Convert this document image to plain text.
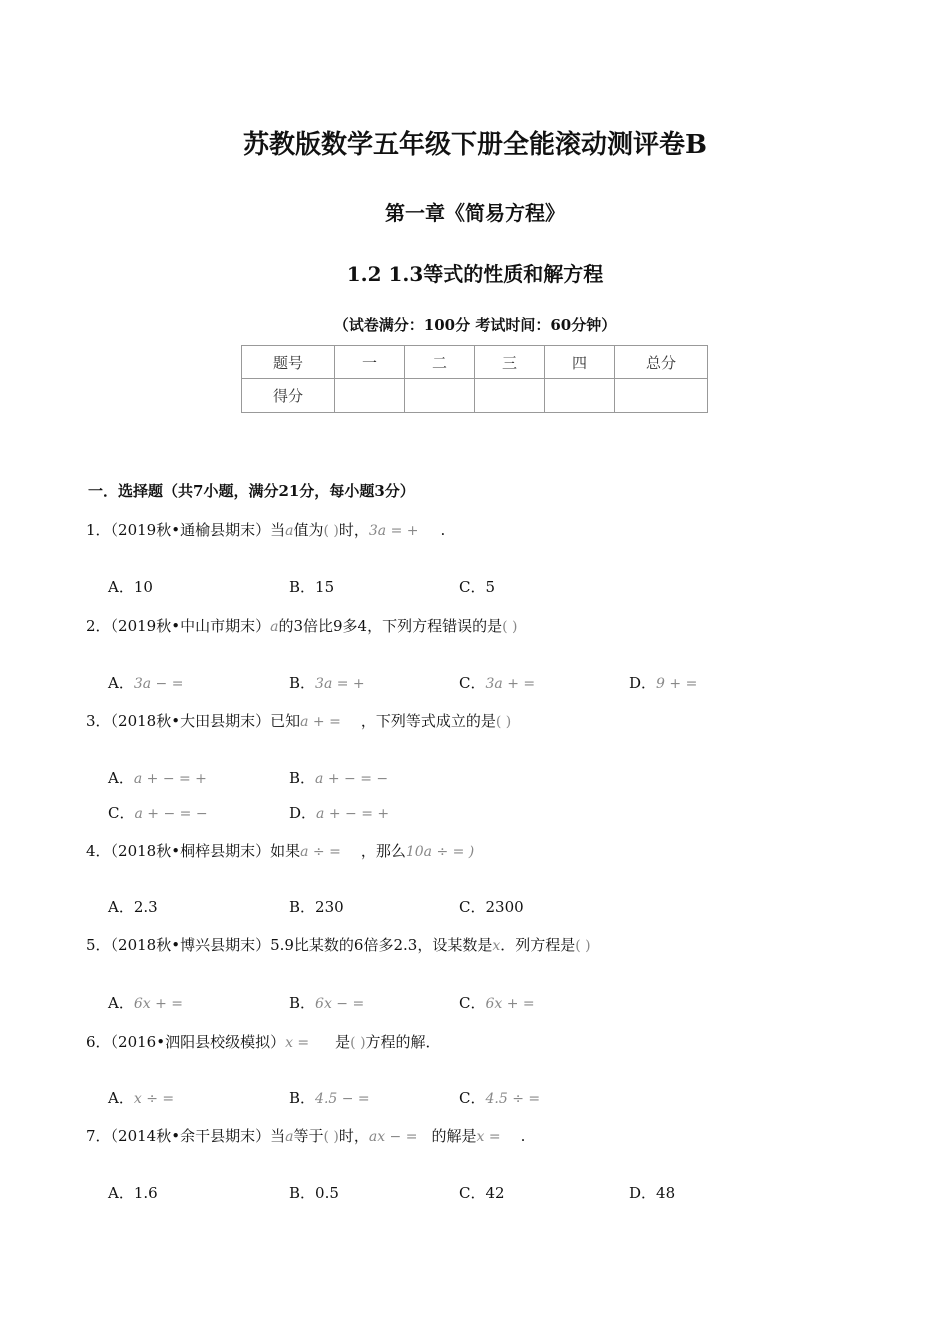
苏教版数学五年级下册全能滚动测评卷B
第一章《简易方程》
1.2 1.3等式的性质和解方程
（试卷满分：100分 考试时间：60分钟）
题号	一	二	三	四	总分
得分					
一．选择题（共7小题，满分21分，每小题3分）
1．（2019秋•通榆县期末）当a值为( )时，3a = + .
A．10	B．15	C．5
2．（2019秋•中山市期末）a的3倍比9多4，下列方程错误的是( )
A．3a − =	B．3a = +	C．3a + =	D．9 + =
3．（2018秋•大田县期末）已知a + = ，下列等式成立的是( )
A．a + − = +	B．a + − = −
C．a + − = −	D．a + − = +
4．（2018秋•桐梓县期末）如果a ÷ = ，那么10a ÷ = )
A．2.3	B．230	C．2300
5．（2018秋•博兴县期末）5.9比某数的6倍多2.3，设某数是x．列方程是( )
A．6x + =	B．6x − =	C．6x + =
6．（2016•泗阳县校级模拟）x = 是( )方程的解．
A．x ÷ =	B．4.5 − =	C．4.5 ÷ =
7．（2014秋•余干县期末）当a等于( )时，ax − = 的解是x = .
A．1.6	B．0.5	C．42	D．48
